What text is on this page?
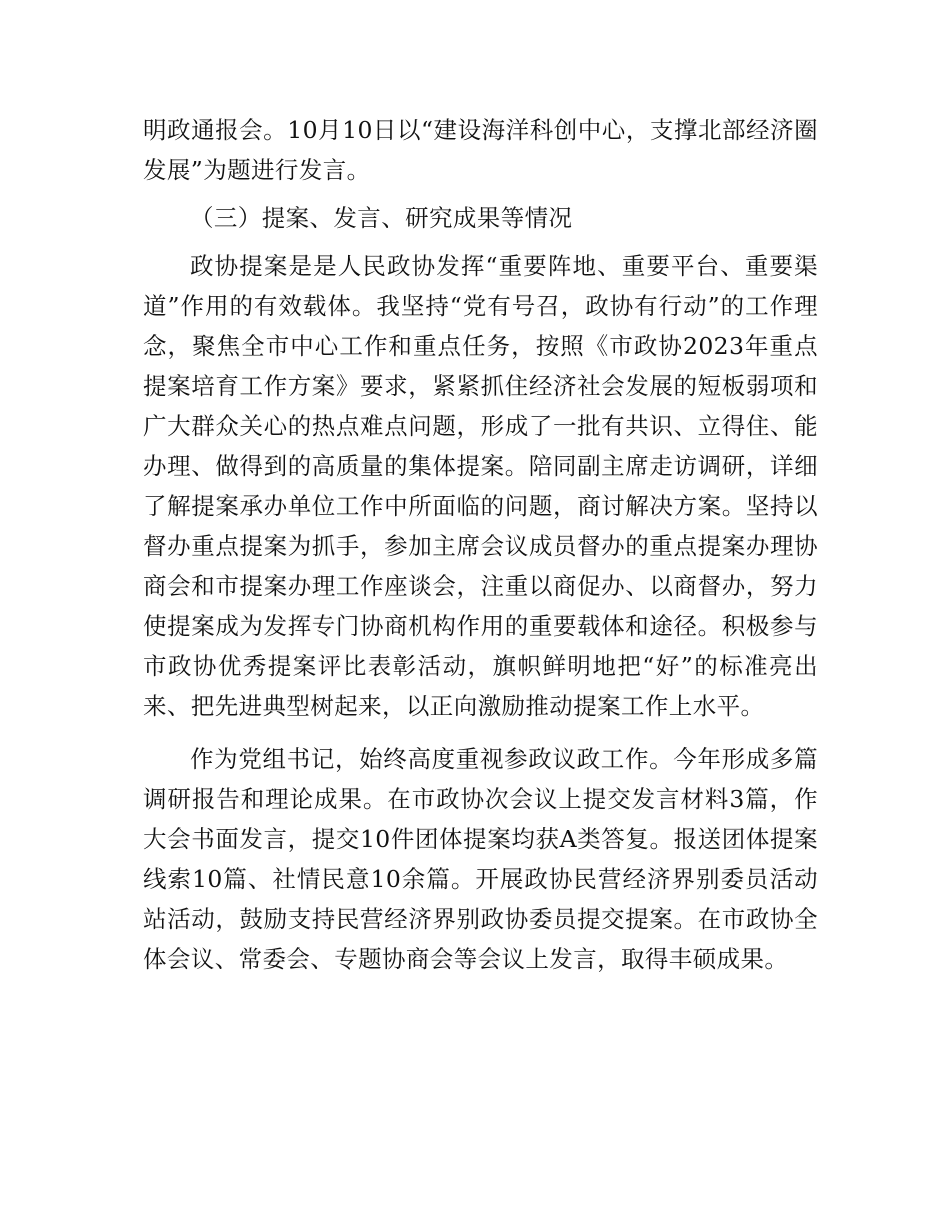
明政通报会。10月10日以“建设海洋科创中心，支撑北部经济圈发展”为题进行发言。

（三）提案、发言、研究成果等情况

政协提案是是人民政协发挥“重要阵地、重要平台、重要渠道”作用的有效载体。我坚持“党有号召，政协有行动”的工作理念，聚焦全市中心工作和重点任务，按照《市政协2023年重点提案培育工作方案》要求，紧紧抓住经济社会发展的短板弱项和广大群众关心的热点难点问题，形成了一批有共识、立得住、能办理、做得到的高质量的集体提案。陪同副主席走访调研，详细了解提案承办单位工作中所面临的问题，商讨解决方案。坚持以督办重点提案为抓手，参加主席会议成员督办的重点提案办理协商会和市提案办理工作座谈会，注重以商促办、以商督办，努力使提案成为发挥专门协商机构作用的重要载体和途径。积极参与市政协优秀提案评比表彰活动，旗帜鲜明地把“好”的标准亮出来、把先进典型树起来，以正向激励推动提案工作上水平。

作为党组书记，始终高度重视参政议政工作。今年形成多篇调研报告和理论成果。在市政协次会议上提交发言材料3篇，作大会书面发言，提交10件团体提案均获A类答复。报送团体提案线索10篇、社情民意10余篇。开展政协民营经济界别委员活动站活动，鼓励支持民营经济界别政协委员提交提案。在市政协全体会议、常委会、专题协商会等会议上发言，取得丰硕成果。
